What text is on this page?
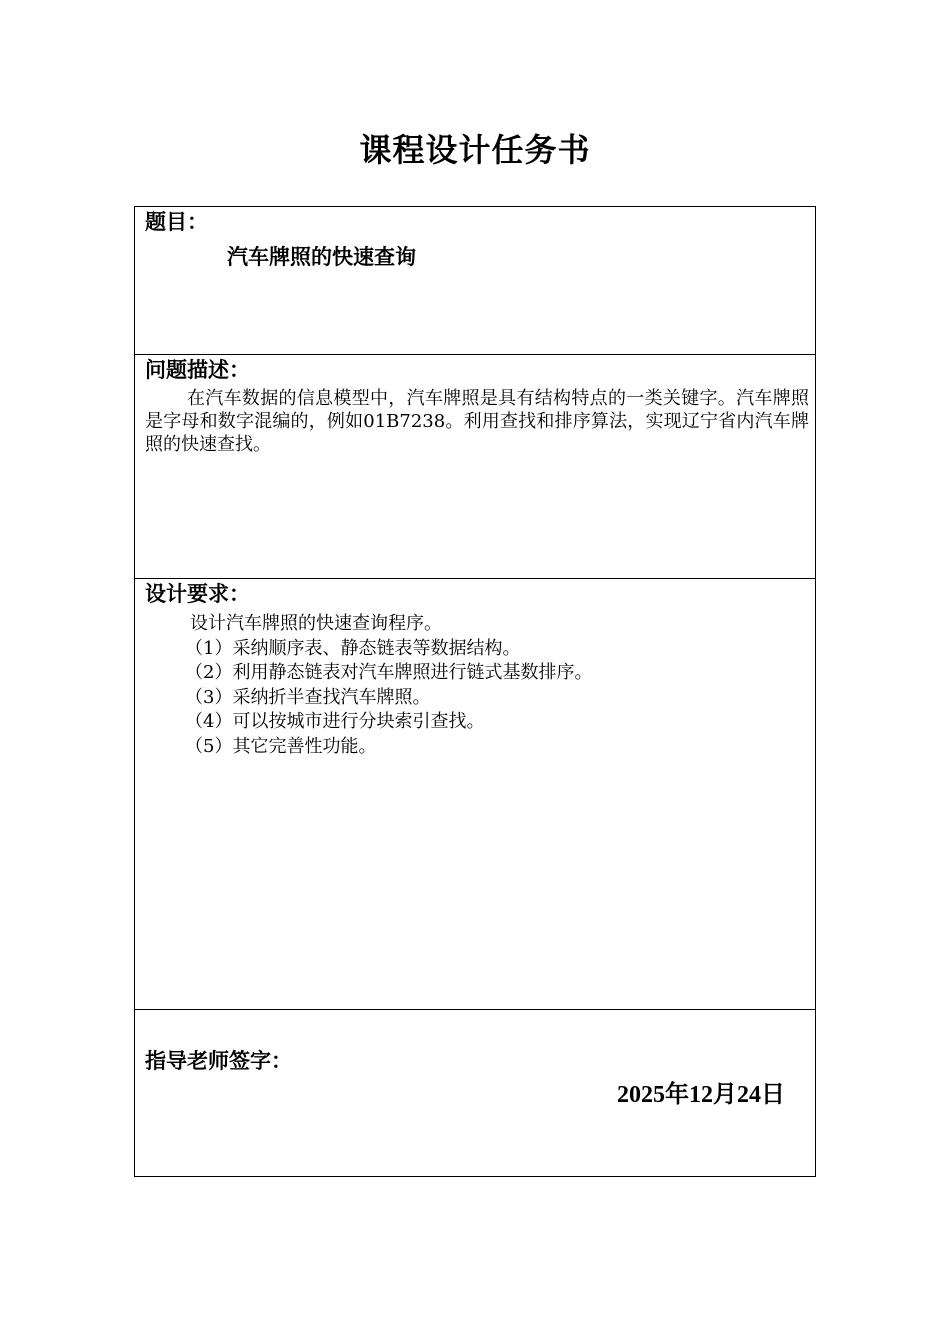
课程设计任务书
题目：
汽车牌照的快速查询
问题描述：
在汽车数据的信息模型中，汽车牌照是具有结构特点的一类关键字。汽车牌照是字母和数字混编的，例如01B7238。利用查找和排序算法，实现辽宁省内汽车牌照的快速查找。
设计要求：
设计汽车牌照的快速查询程序。
（1）采纳顺序表、静态链表等数据结构。
（2）利用静态链表对汽车牌照进行链式基数排序。
（3）采纳折半查找汽车牌照。
（4）可以按城市进行分块索引查找。
（5）其它完善性功能。
指导老师签字：
2025年12月24日
